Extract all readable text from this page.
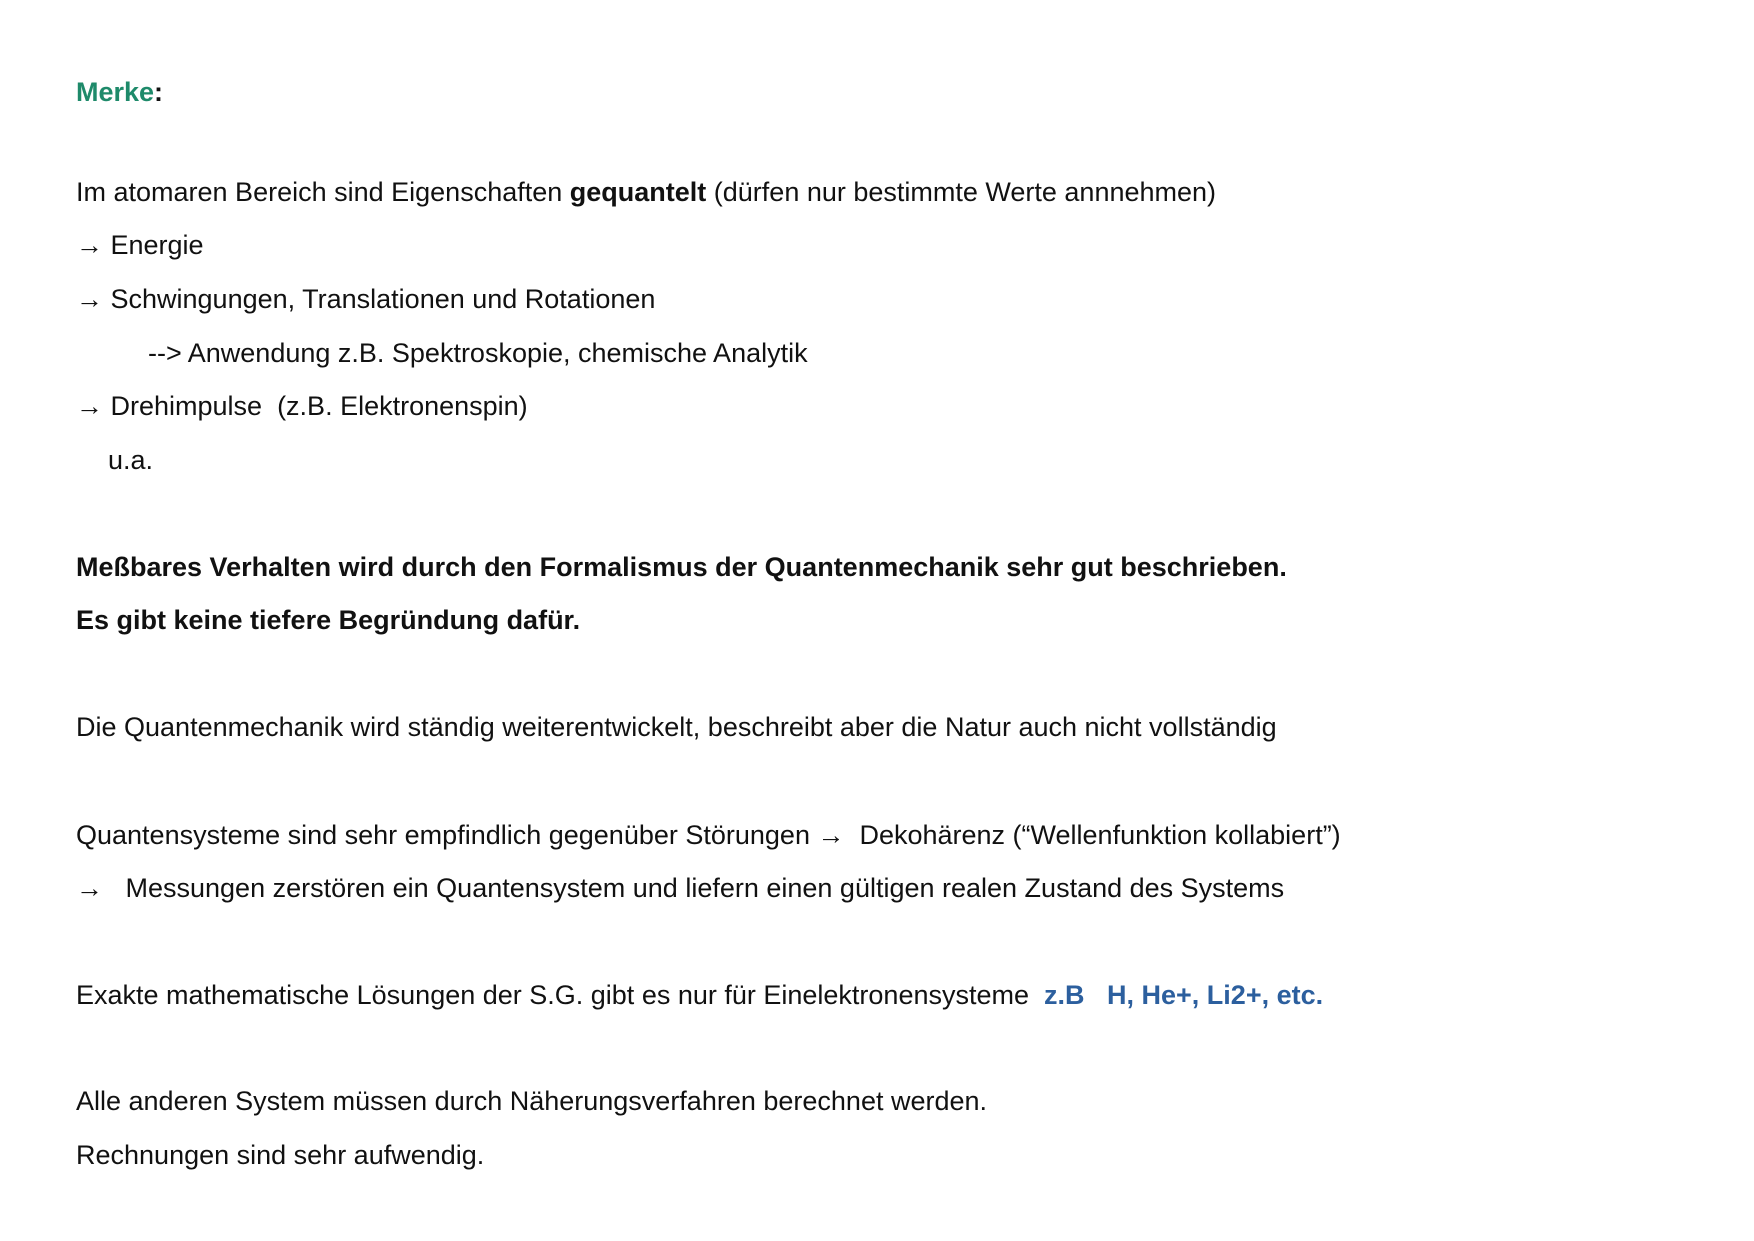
Merke:
Im atomaren Bereich sind Eigenschaften gequantelt (dürfen nur bestimmte Werte annnehmen)
→ Energie
→ Schwingungen, Translationen und Rotationen
--> Anwendung z.B. Spektroskopie, chemische Analytik
→ Drehimpulse  (z.B. Elektronenspin)
u.a.
Meßbares Verhalten wird durch den Formalismus der Quantenmechanik sehr gut beschrieben.
Es gibt keine tiefere Begründung dafür.
Die Quantenmechanik wird ständig weiterentwickelt, beschreibt aber die Natur auch nicht vollständig
Quantensysteme sind sehr empfindlich gegenüber Störungen →  Dekohärenz (“Wellenfunktion kollabiert”)
→   Messungen zerstören ein Quantensystem und liefern einen gültigen realen Zustand des Systems
Exakte mathematische Lösungen der S.G. gibt es nur für Einelektronensysteme  z.B   H, He+, Li2+, etc.
Alle anderen System müssen durch Näherungsverfahren berechnet werden.
Rechnungen sind sehr aufwendig.
